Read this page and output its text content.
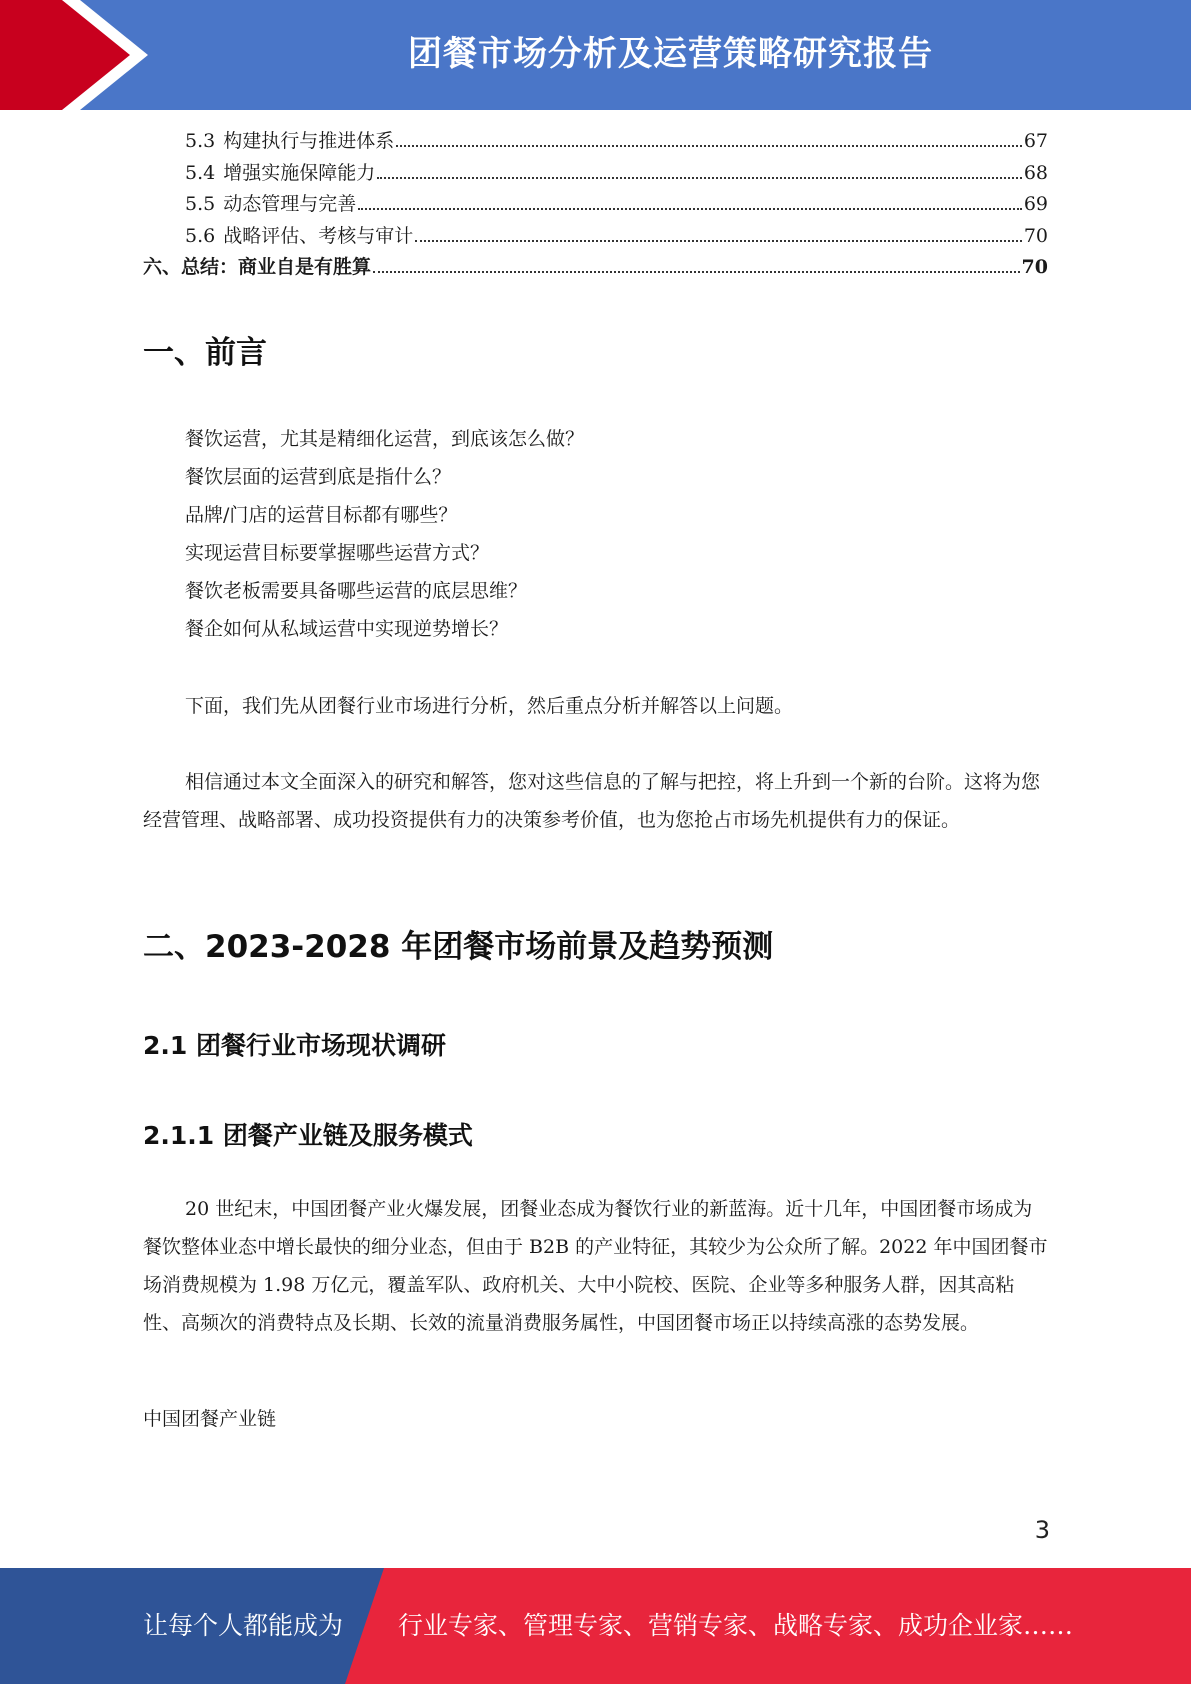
团餐市场分析及运营策略研究报告
5.3 构建执行与推进体系	67
5.4 增强实施保障能力	68
5.5 动态管理与完善	69
5.6 战略评估、考核与审计	70
六、总结：商业自是有胜算	70
一、前言

餐饮运营，尤其是精细化运营，到底该怎么做？

餐饮层面的运营到底是指什么？

品牌/门店的运营目标都有哪些？

实现运营目标要掌握哪些运营方式？

餐饮老板需要具备哪些运营的底层思维？

餐企如何从私域运营中实现逆势增长？

下面，我们先从团餐行业市场进行分析，然后重点分析并解答以上问题。

相信通过本文全面深入的研究和解答，您对这些信息的了解与把控，将上升到一个新的台阶。这将为您经营管理、战略部署、成功投资提供有力的决策参考价值，也为您抢占市场先机提供有力的保证。

二、2023-2028 年团餐市场前景及趋势预测
2.1 团餐行业市场现状调研
2.1.1 团餐产业链及服务模式

20 世纪末，中国团餐产业火爆发展，团餐业态成为餐饮行业的新蓝海。近十几年，中国团餐市场成为餐饮整体业态中增长最快的细分业态，但由于 B2B 的产业特征，其较少为公众所了解。2022 年中国团餐市场消费规模为 1.98 万亿元，覆盖军队、政府机关、大中小院校、医院、企业等多种服务人群，因其高粘性、高频次的消费特点及长期、长效的流量消费服务属性，中国团餐市场正以持续高涨的态势发展。

中国团餐产业链

3
让每个人都能成为 行业专家、管理专家、营销专家、战略专家、成功企业家……
